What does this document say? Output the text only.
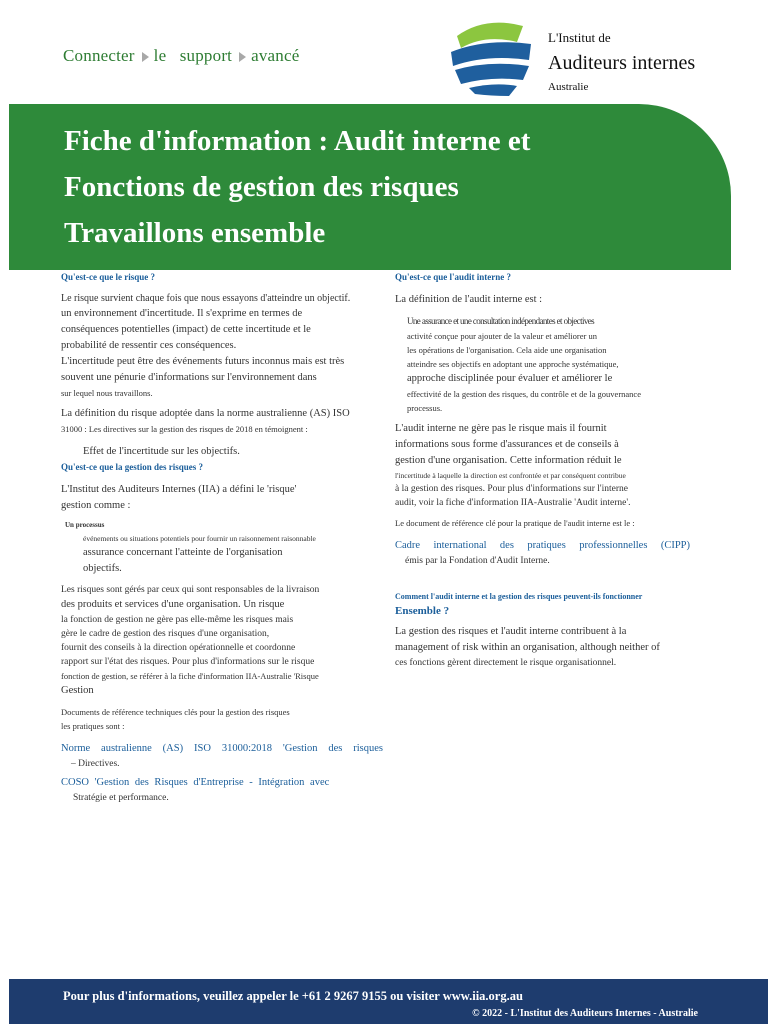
Connecter le support avancé
L'Institut de
Auditeurs internes
Australie
Fiche d'information : Audit interne et
Fonctions de gestion des risques
Travaillons ensemble

Qu'est-ce que le risque ?

Le risque survient chaque fois que nous essayons d'atteindre un objectif.

un environnement d'incertitude. Il s'exprime en termes de

conséquences potentielles (impact) de cette incertitude et le

probabilité de ressentir ces conséquences.

L'incertitude peut être des événements futurs inconnus mais est très

souvent une pénurie d'informations sur l'environnement dans

sur lequel nous travaillons.

La définition du risque adoptée dans la norme australienne (AS) ISO

31000 : Les directives sur la gestion des risques de 2018 en témoignent :

Effet de l'incertitude sur les objectifs.

Qu'est-ce que la gestion des risques ?

L'Institut des Auditeurs Internes (IIA) a défini le 'risque'

gestion comme :

Un processus

événements ou situations potentiels pour fournir un raisonnement raisonnable

assurance concernant l'atteinte de l'organisation

objectifs.

Les risques sont gérés par ceux qui sont responsables de la livraison

des produits et services d'une organisation. Un risque

la fonction de gestion ne gère pas elle-même les risques mais

gère le cadre de gestion des risques d'une organisation,

fournit des conseils à la direction opérationnelle et coordonne

rapport sur l'état des risques. Pour plus d'informations sur le risque

fonction de gestion, se référer à la fiche d'information IIA-Australie 'Risque

Gestion

Documents de référence techniques clés pour la gestion des risques

les pratiques sont :

Norme australienne (AS) ISO 31000:2018 'Gestion des risques

– Directives.

COSO 'Gestion des Risques d'Entreprise - Intégration avec

Stratégie et performance.

Qu'est-ce que l'audit interne ?

La définition de l'audit interne est :

Une assurance et une consultation indépendantes et objectives

activité conçue pour ajouter de la valeur et améliorer un

les opérations de l'organisation. Cela aide une organisation

atteindre ses objectifs en adoptant une approche systématique,

approche disciplinée pour évaluer et améliorer le

effectivité de la gestion des risques, du contrôle et de la gouvernance

processus.

L'audit interne ne gère pas le risque mais il fournit

informations sous forme d'assurances et de conseils à

gestion d'une organisation. Cette information réduit le

l'incertitude à laquelle la direction est confrontée et par conséquent contribue

à la gestion des risques. Pour plus d'informations sur l'interne

audit, voir la fiche d'information IIA-Australie 'Audit interne'.

Le document de référence clé pour la pratique de l'audit interne est le :

Cadre international des pratiques professionnelles (CIPP)

émis par la Fondation d'Audit Interne.

Comment l'audit interne et la gestion des risques peuvent-ils fonctionner

Ensemble ?

La gestion des risques et l'audit interne contribuent à la

management of risk within an organisation, although neither of

ces fonctions gèrent directement le risque organisationnel.

Pour plus d'informations, veuillez appeler le +61 2 9267 9155 ou visiter www.iia.org.au
© 2022 - L'Institut des Auditeurs Internes - Australie
